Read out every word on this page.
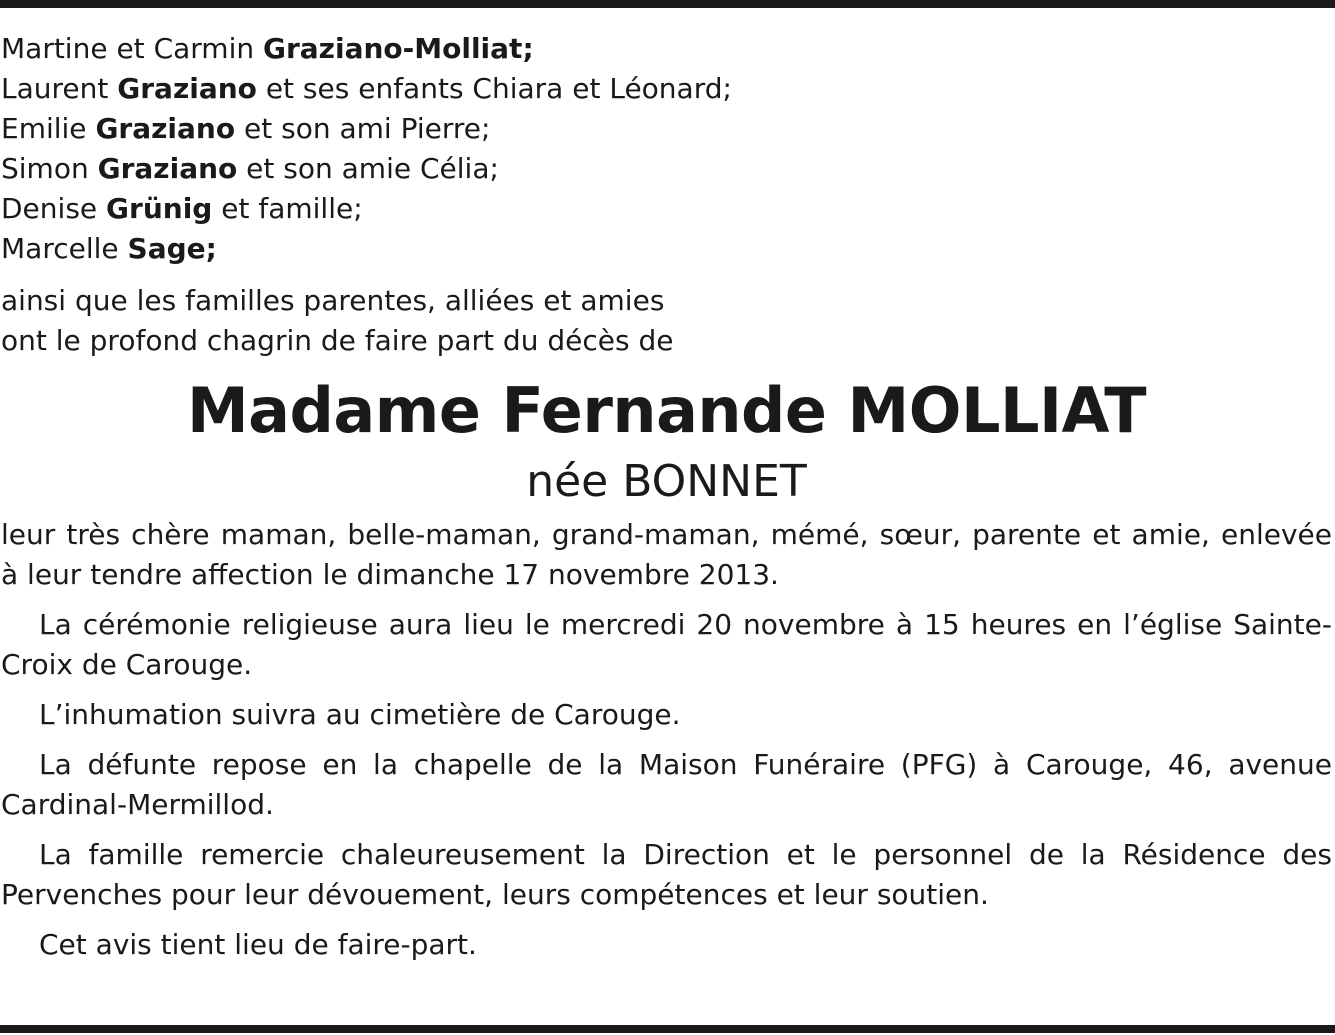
Martine et Carmin Graziano-Molliat;
Laurent Graziano et ses enfants Chiara et Léonard;
Emilie Graziano et son ami Pierre;
Simon Graziano et son amie Célia;
Denise Grünig et famille;
Marcelle Sage;
ainsi que les familles parentes, alliées et amies
ont le profond chagrin de faire part du décès de
Madame Fernande MOLLIAT
née BONNET
leur très chère maman, belle-maman, grand-maman, mémé, sœur, parente et amie, enlevée à leur tendre affection le dimanche 17 novembre 2013.
La cérémonie religieuse aura lieu le mercredi 20 novembre à 15 heures en l’église Sainte-Croix de Carouge.
L’inhumation suivra au cimetière de Carouge.
La défunte repose en la chapelle de la Maison Funéraire (PFG) à Carouge, 46, avenue Cardinal-Mermillod.
La famille remercie chaleureusement la Direction et le personnel de la Résidence des Pervenches pour leur dévouement, leurs compétences et leur soutien.
Cet avis tient lieu de faire-part.
